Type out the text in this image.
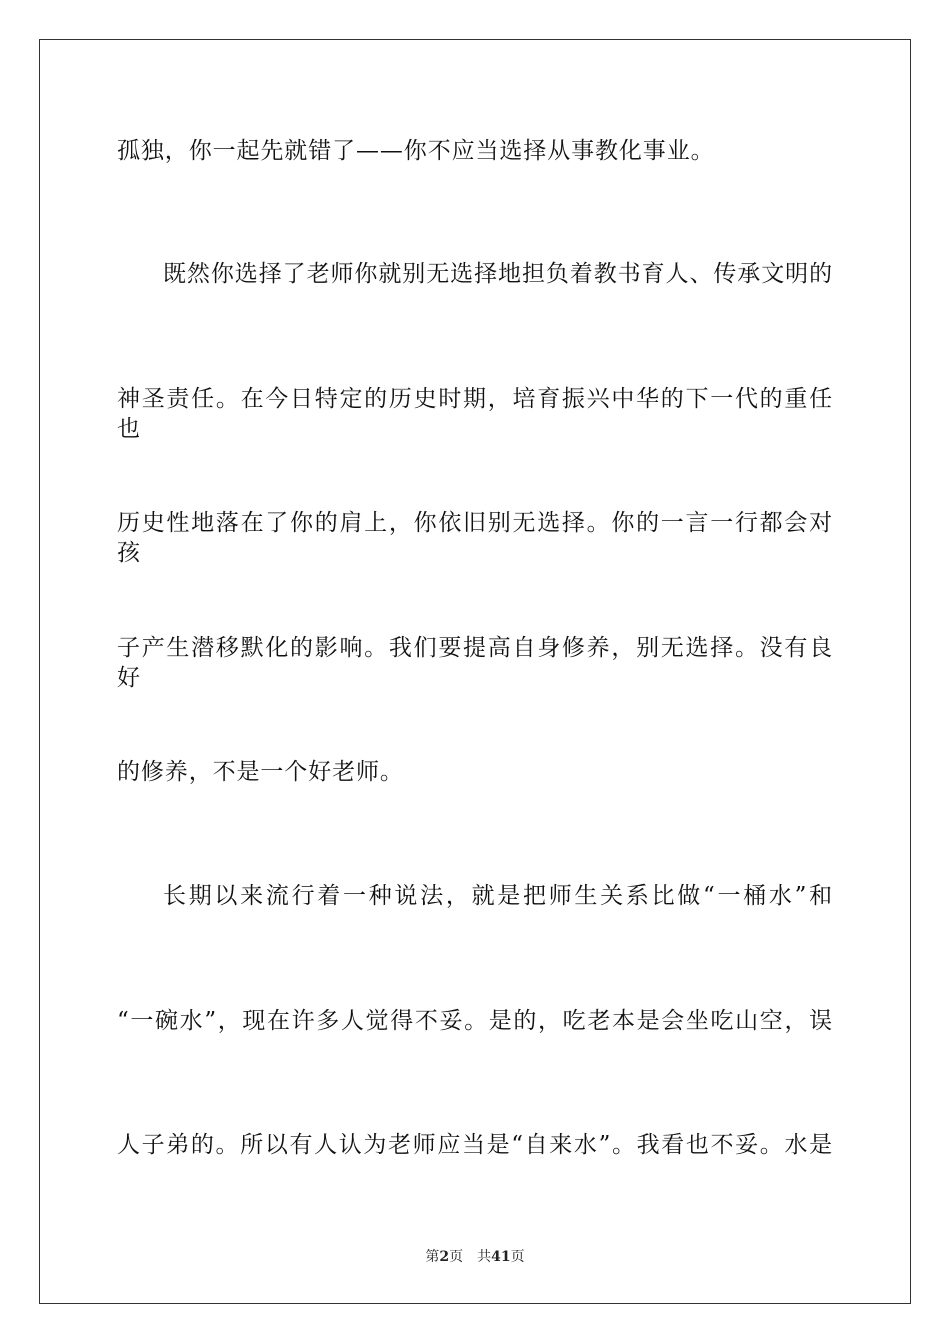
孤独，你一起先就错了——你不应当选择从事教化事业。
既然你选择了老师你就别无选择地担负着教书育人、传承文明的
神圣责任。在今日特定的历史时期，培育振兴中华的下一代的重任也
历史性地落在了你的肩上，你依旧别无选择。你的一言一行都会对孩
子产生潜移默化的影响。我们要提高自身修养，别无选择。没有良好
的修养，不是一个好老师。
长期以来流行着一种说法，就是把师生关系比做“一桶水”和
“一碗水”，现在许多人觉得不妥。是的，吃老本是会坐吃山空，误
人子弟的。所以有人认为老师应当是“自来水”。我看也不妥。水是
第2页 共41页
